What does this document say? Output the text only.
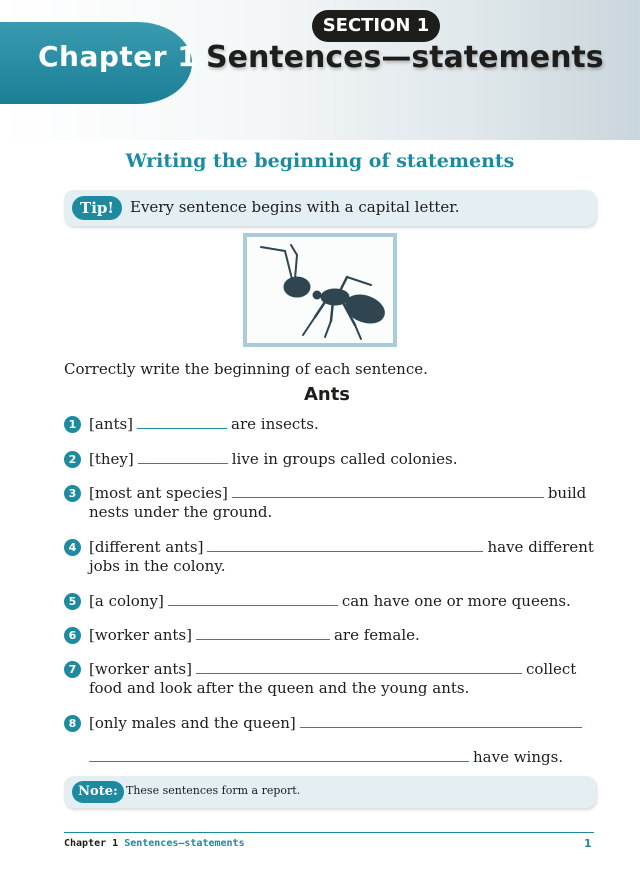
Chapter 1
SECTION 1
Sentences—statements
Writing the beginning of statements
Tip!	Every sentence begins with a capital letter.
Correctly write the beginning of each sentence.
Ants
1 [ants]	are insects.
2 [they]	live in groups called colonies.
3 [most ant species]	build
nests under the ground.
4 [different ants]	have different
jobs in the colony.
5 [a colony]	can have one or more queens.
6 [worker ants]	are female.
7 [worker ants]	collect
food and look after the queen and the young ants.
8 [only males and the queen]
have wings.
Note: These sentences form a report.
Chapter 1 Sentences—statements	1
